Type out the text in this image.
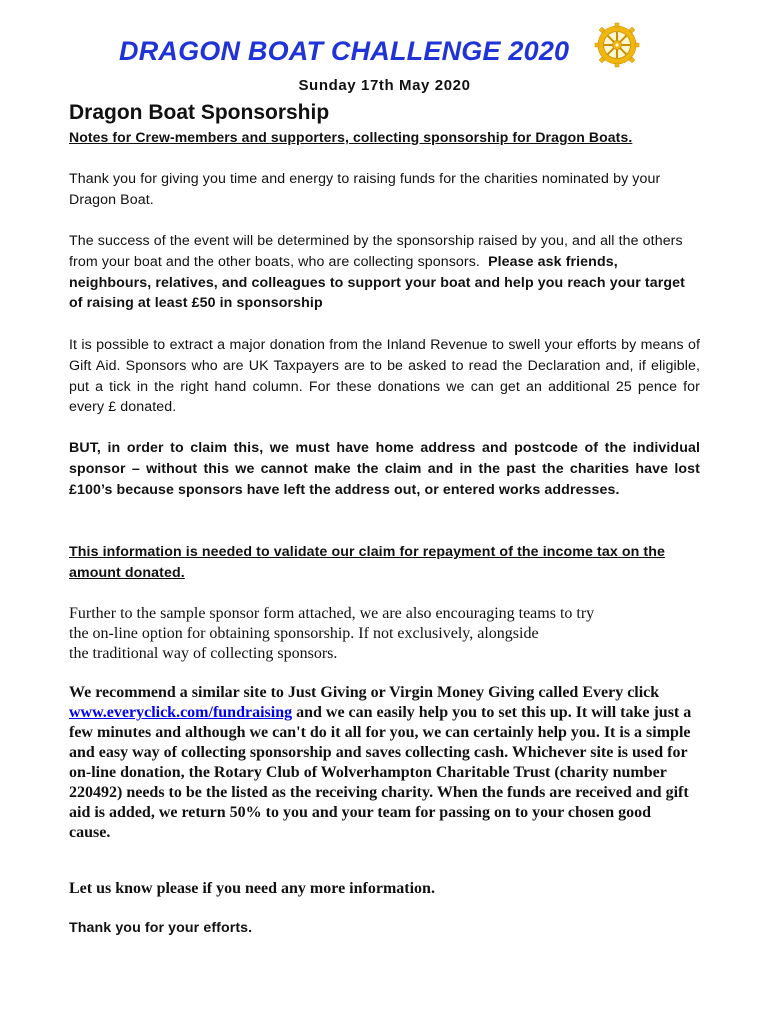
DRAGON BOAT CHALLENGE 2020
Sunday 17th May 2020
Dragon Boat Sponsorship
Notes for Crew-members and supporters, collecting sponsorship for Dragon Boats.
Thank you for giving you time and energy to raising funds for the charities nominated by your Dragon Boat.
The success of the event will be determined by the sponsorship raised by you, and all the others from your boat and the other boats, who are collecting sponsors. Please ask friends, neighbours, relatives, and colleagues to support your boat and help you reach your target of raising at least £50 in sponsorship
It is possible to extract a major donation from the Inland Revenue to swell your efforts by means of Gift Aid. Sponsors who are UK Taxpayers are to be asked to read the Declaration and, if eligible, put a tick in the right hand column. For these donations we can get an additional 25 pence for every £ donated.
BUT, in order to claim this, we must have home address and postcode of the individual sponsor – without this we cannot make the claim and in the past the charities have lost £100’s because sponsors have left the address out, or entered works addresses.
This information is needed to validate our claim for repayment of the income tax on the amount donated.
Further to the sample sponsor form attached, we are also encouraging teams to try
the on-line option for obtaining sponsorship. If not exclusively, alongside
the traditional way of collecting sponsors.
We recommend a similar site to Just Giving or Virgin Money Giving called Every click www.everyclick.com/fundraising and we can easily help you to set this up. It will take just a few minutes and although we can't do it all for you, we can certainly help you. It is a simple and easy way of collecting sponsorship and saves collecting cash. Whichever site is used for on-line donation, the Rotary Club of Wolverhampton Charitable Trust (charity number 220492) needs to be the listed as the receiving charity. When the funds are received and gift aid is added, we return 50% to you and your team for passing on to your chosen good cause.
Let us know please if you need any more information.
Thank you for your efforts.
